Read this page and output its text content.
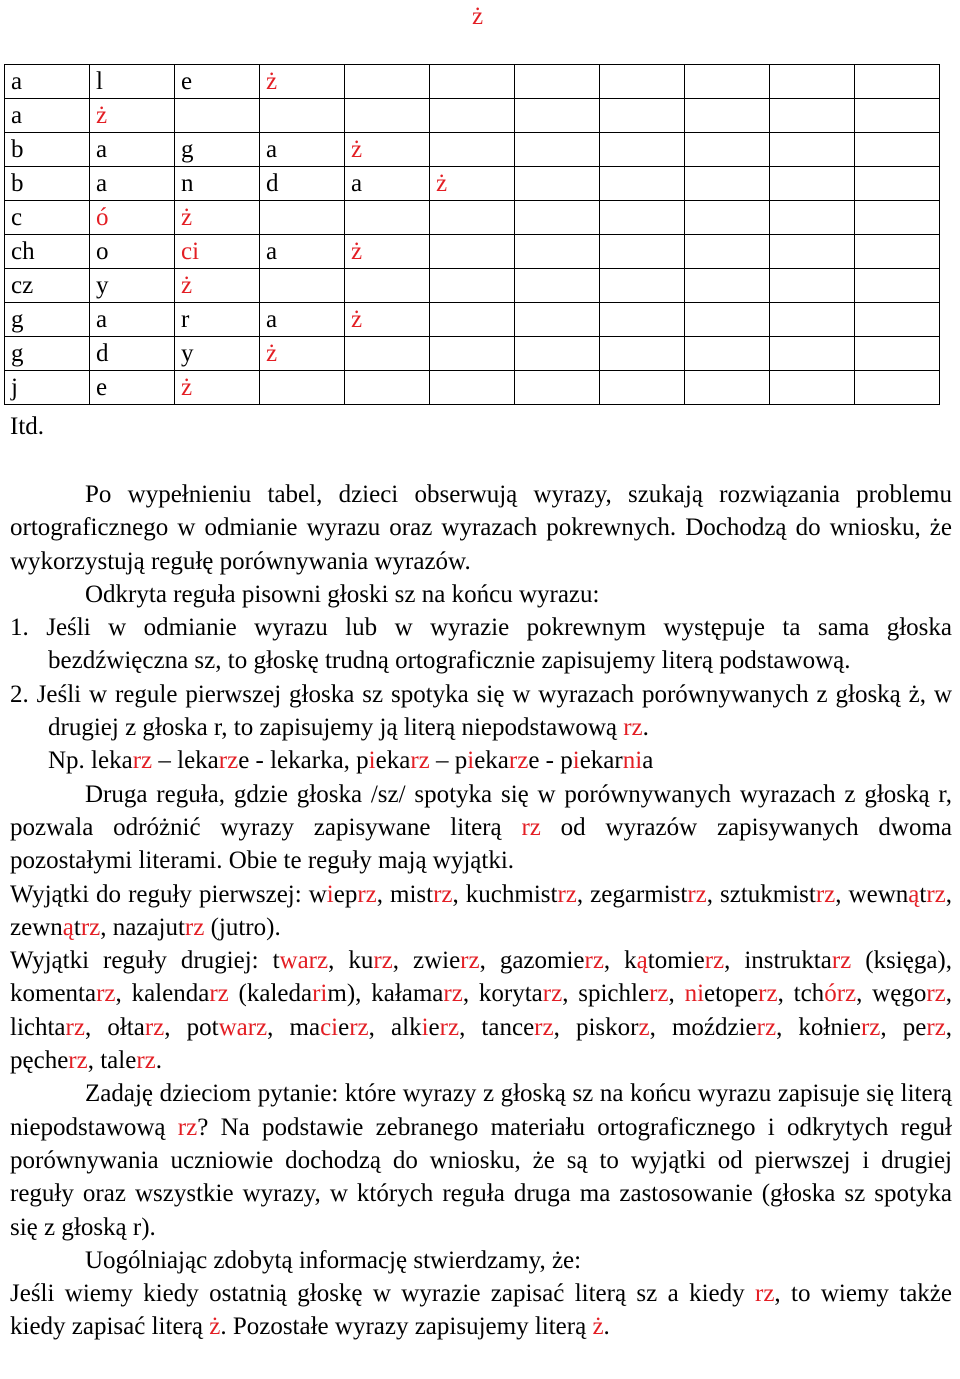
ż
a	l	e	ż							
a	ż									
b	a	g	a	ż						
b	a	n	d	a	ż					
c	ó	ż								
ch	o	ci	a	ż						
cz	y	ż								
g	a	r	a	ż						
g	d	y	ż							
j	e	ż								
Itd.

Po wypełnieniu tabel, dzieci obserwują wyrazy, szukają rozwiązania problemu ortograficznego w odmianie wyrazu oraz wyrazach pokrewnych. Dochodzą do wniosku, że wykorzystują regułę porównywania wyrazów.

Odkryta reguła pisowni głoski sz na końcu wyrazu:

1. Jeśli w odmianie wyrazu lub w wyrazie pokrewnym występuje ta sama głoska bezdźwięczna sz, to głoskę trudną ortograficznie zapisujemy literą podstawową.

2. Jeśli w regule pierwszej głoska sz spotyka się w wyrazach porównywanych z głoską ż, w drugiej z głoska r, to zapisujemy ją literą niepodstawową rz.

Np. lekarz – lekarze - lekarka, piekarz – piekarze - piekarnia

Druga reguła, gdzie głoska /sz/ spotyka się w porównywanych wyrazach z głoską r, pozwala odróżnić wyrazy zapisywane literą rz od wyrazów zapisywanych dwoma pozostałymi literami. Obie te reguły mają wyjątki.

Wyjątki do reguły pierwszej: wieprz, mistrz, kuchmistrz, zegarmistrz, sztukmistrz, wewnątrz, zewnątrz, nazajutrz (jutro).

Wyjątki reguły drugiej: twarz, kurz, zwierz, gazomierz, kątomierz, instruktarz (księga), komentarz, kalendarz (kaledarim), kałamarz, korytarz, spichlerz, nietoperz, tchórz, węgorz, lichtarz, ołtarz, potwarz, macierz, alkierz, tancerz, piskorz, moździerz, kołnierz, perz, pęcherz, talerz.

Zadaję dzieciom pytanie: które wyrazy z głoską sz na końcu wyrazu zapisuje się literą niepodstawową rz? Na podstawie zebranego materiału ortograficznego i odkrytych reguł porównywania uczniowie dochodzą do wniosku, że są to wyjątki od pierwszej i drugiej reguły oraz wszystkie wyrazy, w których reguła druga ma zastosowanie (głoska sz spotyka się z głoską r).

Uogólniając zdobytą informację stwierdzamy, że:

Jeśli wiemy kiedy ostatnią głoskę w wyrazie zapisać literą sz a kiedy rz, to wiemy także kiedy zapisać literą ż. Pozostałe wyrazy zapisujemy literą ż.
